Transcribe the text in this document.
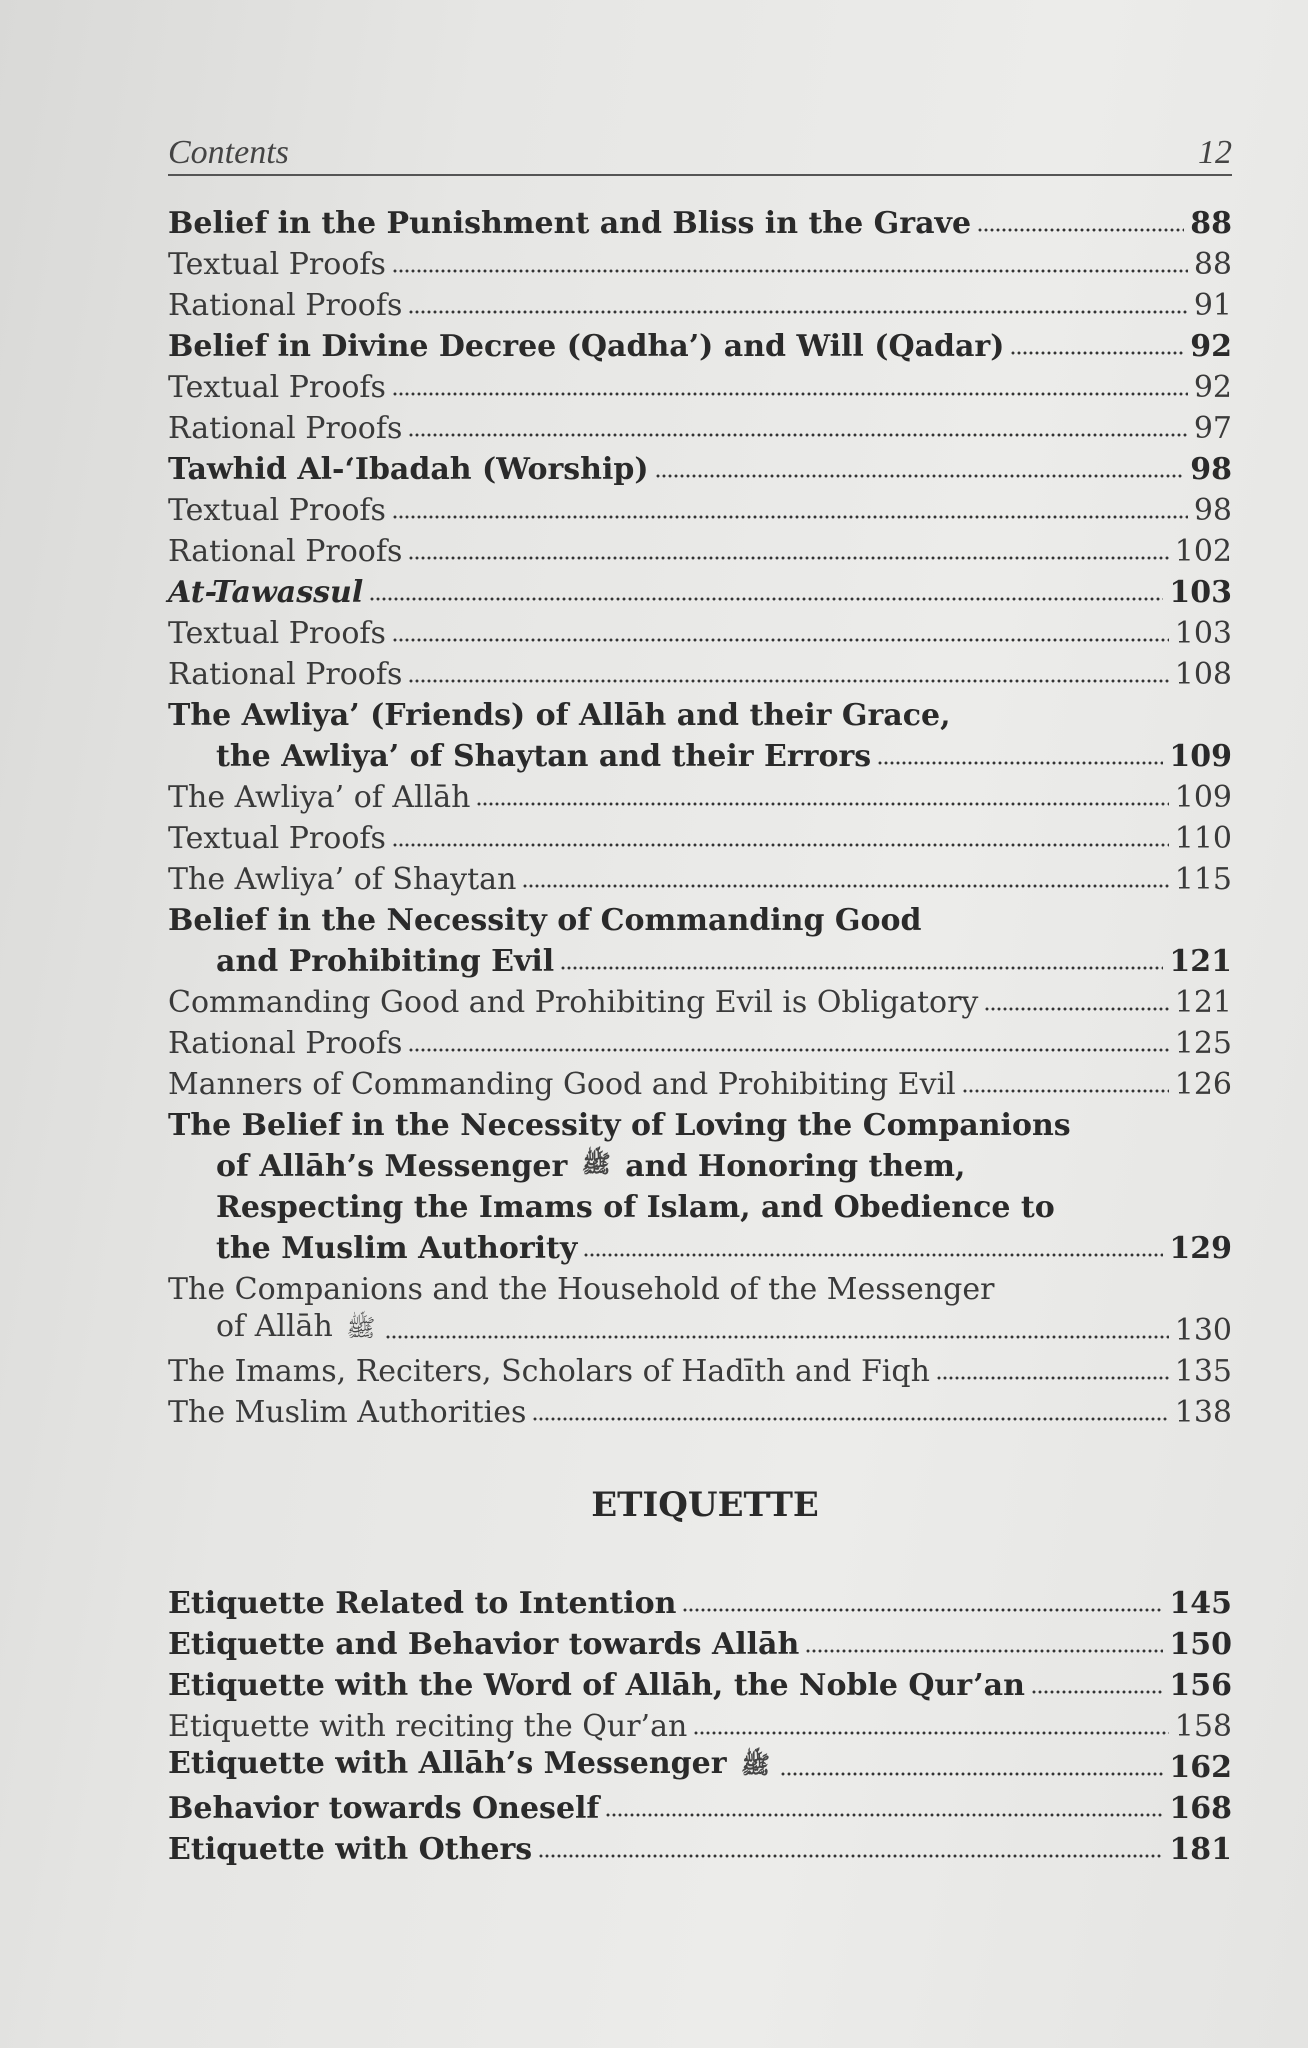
Contents	12
Belief in the Punishment and Bliss in the Grave	88
Textual Proofs	88
Rational Proofs	91
Belief in Divine Decree (Qadha’) and Will (Qadar)	92
Textual Proofs	92
Rational Proofs	97
Tawhid Al-‘Ibadah (Worship)	98
Textual Proofs	98
Rational Proofs	102
At-Tawassul	103
Textual Proofs	103
Rational Proofs	108
The Awliya’ (Friends) of Allāh and their Grace,
the Awliya’ of Shaytan and their Errors	109
The Awliya’ of Allāh	109
Textual Proofs	110
The Awliya’ of Shaytan	115
Belief in the Necessity of Commanding Good
and Prohibiting Evil	121
Commanding Good and Prohibiting Evil is Obligatory	121
Rational Proofs	125
Manners of Commanding Good and Prohibiting Evil	126
The Belief in the Necessity of Loving the Companions
of Allāh’s Messenger
ﷺ
and Honoring them,
Respecting the Imams of Islam, and Obedience to
the Muslim Authority	129
The Companions and the Household of the Messenger
of Allāh ﷺ	130
The Imams, Reciters, Scholars of Hadīth and Fiqh	135
The Muslim Authorities	138
ETIQUETTE
Etiquette Related to Intention	145
Etiquette and Behavior towards Allāh	150
Etiquette with the Word of Allāh, the Noble Qur’an	156
Etiquette with reciting the Qur’an	158
Etiquette with Allāh’s Messenger ﷺ	162
Behavior towards Oneself	168
Etiquette with Others	181
